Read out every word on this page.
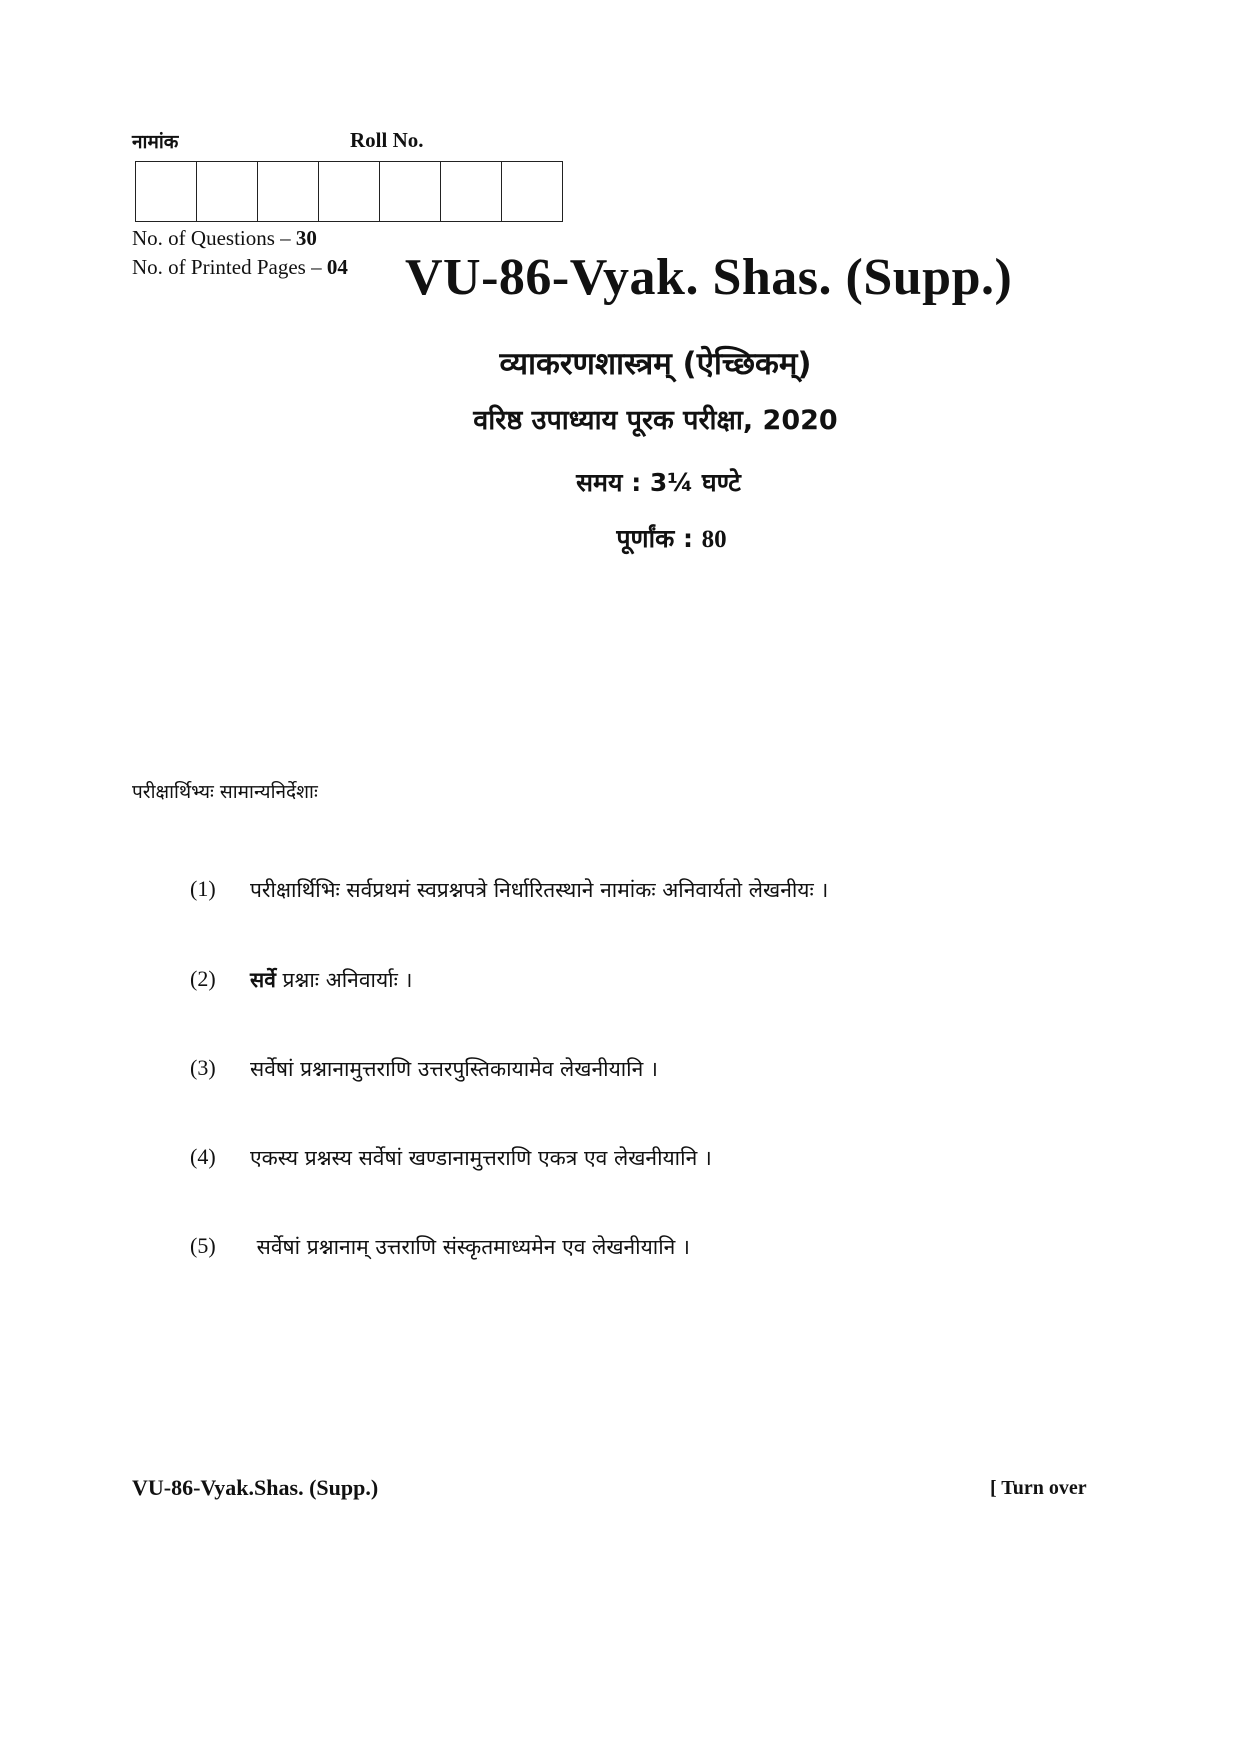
नामांक	Roll No.
No. of Questions – 30
No. of Printed Pages – 04 VU-86-Vyak. Shas. (Supp.)
व्याकरणशास्त्रम् (ऐच्छिकम्)
वरिष्ठ उपाध्याय पूरक परीक्षा, 2020
समय : 3¼ घण्टे
पूर्णांक : 80
परीक्षार्थिभ्यः सामान्यनिर्देशाः
(1)	परीक्षार्थिभिः सर्वप्रथमं स्वप्रश्नपत्रे निर्धारितस्थाने नामांकः अनिवार्यतो लेखनीयः ।
(2)	सर्वे प्रश्नाः अनिवार्याः ।
(3)	सर्वेषां प्रश्नानामुत्तराणि उत्तरपुस्तिकायामेव लेखनीयानि ।
(4)	एकस्य प्रश्नस्य सर्वेषां खण्डानामुत्तराणि एकत्र एव लेखनीयानि ।
(5)	सर्वेषां प्रश्नानाम् उत्तराणि संस्कृतमाध्यमेन एव लेखनीयानि ।
VU-86-Vyak.Shas. (Supp.)	[ Turn over
